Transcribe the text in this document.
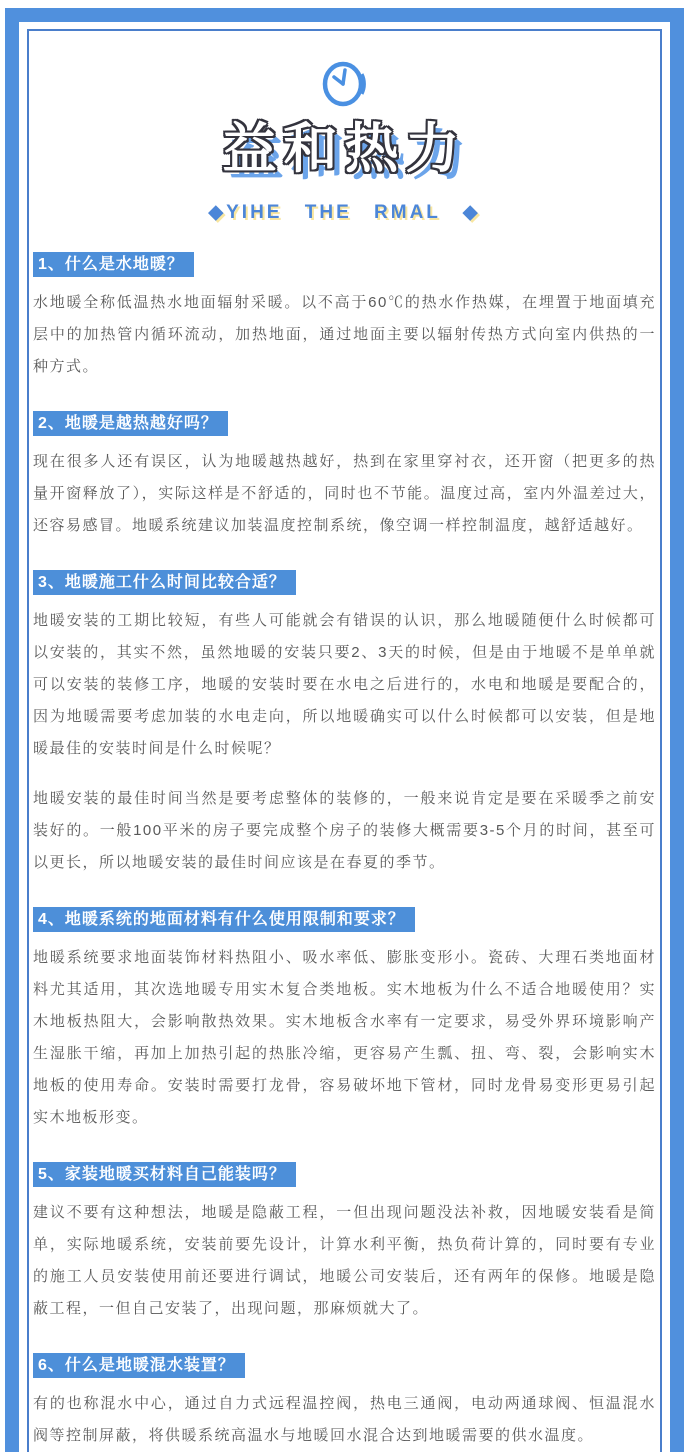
益和热力
◆YIHE THE RMAL ◆
1、什么是水地暖？

水地暖全称低温热水地面辐射采暖。以不高于60℃的热水作热媒，在埋置于地面填充层中的加热管内循环流动，加热地面，通过地面主要以辐射传热方式向室内供热的一种方式。

2、地暖是越热越好吗？

现在很多人还有误区，认为地暖越热越好，热到在家里穿衬衣，还开窗（把更多的热量开窗释放了），实际这样是不舒适的，同时也不节能。温度过高，室内外温差过大，还容易感冒。地暖系统建议加装温度控制系统，像空调一样控制温度，越舒适越好。

3、地暖施工什么时间比较合适？

地暖安装的工期比较短，有些人可能就会有错误的认识，那么地暖随便什么时候都可以安装的，其实不然，虽然地暖的安装只要2、3天的时候，但是由于地暖不是单单就可以安装的装修工序，地暖的安装时要在水电之后进行的，水电和地暖是要配合的，因为地暖需要考虑加装的水电走向，所以地暖确实可以什么时候都可以安装，但是地暖最佳的安装时间是什么时候呢？

地暖安装的最佳时间当然是要考虑整体的装修的，一般来说肯定是要在采暖季之前安装好的。一般100平米的房子要完成整个房子的装修大概需要3-5个月的时间，甚至可以更长，所以地暖安装的最佳时间应该是在春夏的季节。

4、地暖系统的地面材料有什么使用限制和要求？

地暖系统要求地面装饰材料热阻小、吸水率低、膨胀变形小。瓷砖、大理石类地面材料尤其适用，其次选地暖专用实木复合类地板。实木地板为什么不适合地暖使用？实木地板热阻大，会影响散热效果。实木地板含水率有一定要求，易受外界环境影响产生湿胀干缩，再加上加热引起的热胀冷缩，更容易产生瓢、扭、弯、裂，会影响实木地板的使用寿命。安装时需要打龙骨，容易破坏地下管材，同时龙骨易变形更易引起实木地板形变。

5、家装地暖买材料自己能装吗？

建议不要有这种想法，地暖是隐蔽工程，一但出现问题没法补救，因地暖安装看是简单，实际地暖系统，安装前要先设计，计算水利平衡，热负荷计算的，同时要有专业的施工人员安装使用前还要进行调试，地暖公司安装后，还有两年的保修。地暖是隐蔽工程，一但自己安装了，出现问题，那麻烦就大了。

6、什么是地暖混水装置？

有的也称混水中心，通过自力式远程温控阀，热电三通阀，电动两通球阀、恒温混水阀等控制屏蔽，将供暖系统高温水与地暖回水混合达到地暖需要的供水温度。
